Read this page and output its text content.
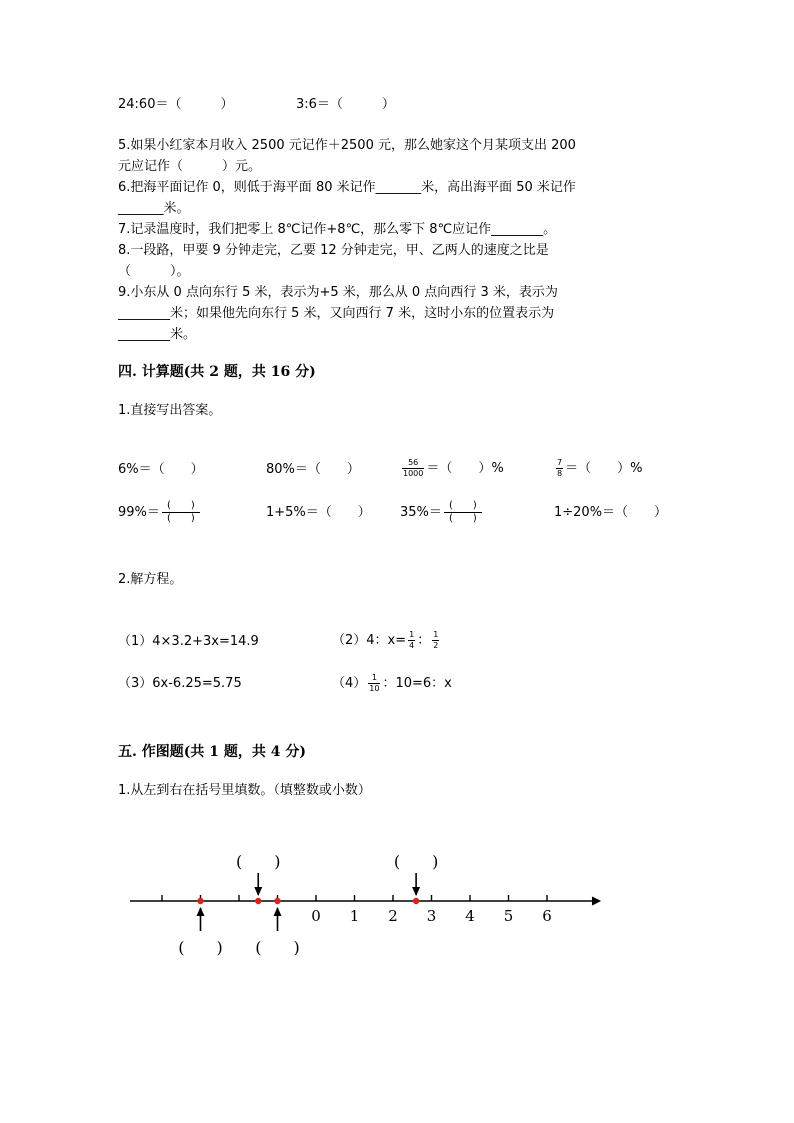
24:60＝（　　　）	3:6＝（　　　）
5.如果小红家本月收入 2500 元记作＋2500 元，那么她家这个月某项支出 200
元应记作（　　　）元。
6.把海平面记作 0，则低于海平面 80 米记作_______米，高出海平面 50 米记作
_______米。
7.记录温度时，我们把零上 8℃记作+8℃，那么零下 8℃应记作________。
8.一段路，甲要 9 分钟走完，乙要 12 分钟走完，甲、乙两人的速度之比是
（　　　）。
9.小东从 0 点向东行 5 米，表示为+5 米，那么从 0 点向西行 3 米，表示为
________米；如果他先向东行 5 米，又向西行 7 米，这时小东的位置表示为
________米。
四. 计算题(共 2 题，共 16 分)
1.直接写出答案。
6%＝（　　）	80%＝（　　）	$\frac{56}{1000}$ ＝（　　）%	$\frac{7}{8}$ ＝（　　）%
$99\%= \frac{( )}{( )}$	1+5%＝（　　） $35\%= \frac{( )}{( )}$	1÷20%＝（　　）
2.解方程。
（1）4×3.2+3x=14.9	（2）4：$x= \frac{1}{4}$ ： $\frac{1}{2}$
（3）6x-6.25=5.75	$(4) \frac{1}{10}$ ：10=6：x
五. 作图题(共 1 题，共 4 分)
1.从左到右在括号里填数。（填整数或小数）
0 1 2 3 4 5 6
(　　)
(　　)
(　　)
(　　)
